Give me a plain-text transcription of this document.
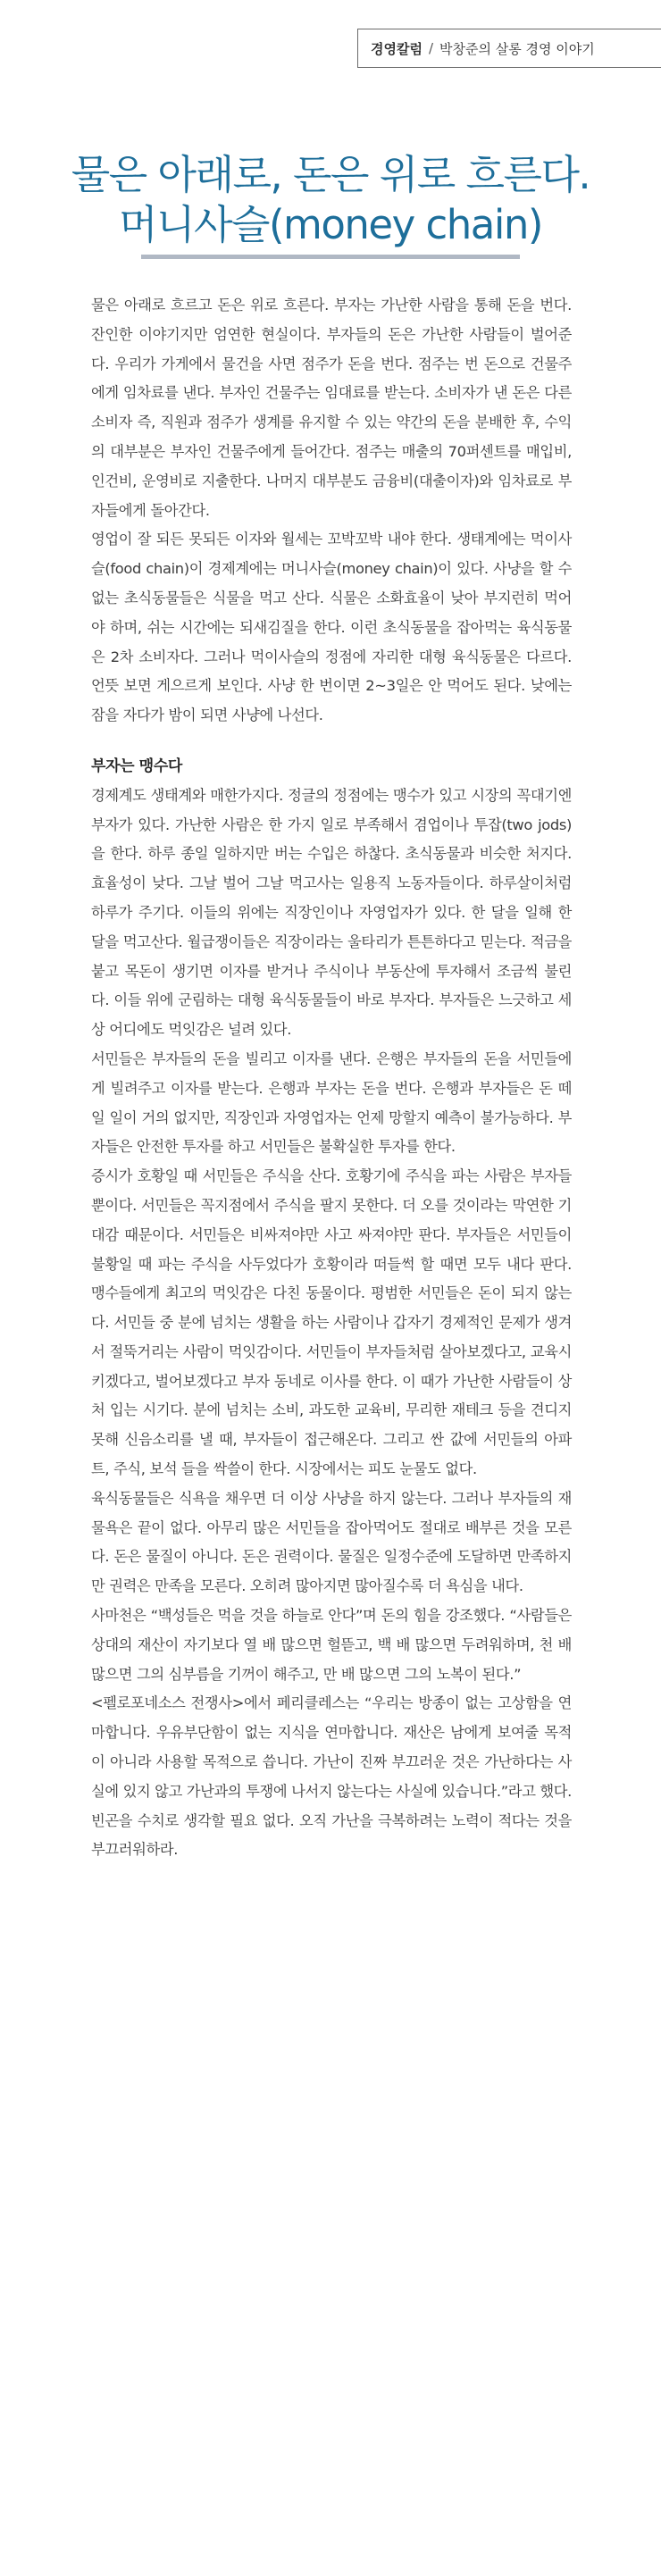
경영칼럼 / 박창준의 살롱 경영 이야기
물은 아래로, 돈은 위로 흐른다.
머니사슬(money chain)

물은 아래로 흐르고 돈은 위로 흐른다. 부자는 가난한 사람을 통해 돈을 번다. 잔인한 이야기지만 엄연한 현실이다. 부자들의 돈은 가난한 사람들이 벌어준다. 우리가 가게에서 물건을 사면 점주가 돈을 번다. 점주는 번 돈으로 건물주에게 임차료를 낸다. 부자인 건물주는 임대료를 받는다. 소비자가 낸 돈은 다른 소비자 즉, 직원과 점주가 생계를 유지할 수 있는 약간의 돈을 분배한 후, 수익의 대부분은 부자인 건물주에게 들어간다. 점주는 매출의 70퍼센트를 매입비, 인건비, 운영비로 지출한다. 나머지 대부분도 금융비(대출이자)와 임차료로 부자들에게 돌아간다.

영업이 잘 되든 못되든 이자와 월세는 꼬박꼬박 내야 한다. 생태계에는 먹이사슬(food chain)이 경제계에는 머니사슬(money chain)이 있다. 사냥을 할 수 없는 초식동물들은 식물을 먹고 산다. 식물은 소화효율이 낮아 부지런히 먹어야 하며, 쉬는 시간에는 되새김질을 한다. 이런 초식동물을 잡아먹는 육식동물은 2차 소비자다. 그러나 먹이사슬의 정점에 자리한 대형 육식동물은 다르다. 언뜻 보면 게으르게 보인다. 사냥 한 번이면 2~3일은 안 먹어도 된다. 낮에는 잠을 자다가 밤이 되면 사냥에 나선다.

부자는 맹수다

경제계도 생태계와 매한가지다. 정글의 정점에는 맹수가 있고 시장의 꼭대기엔 부자가 있다. 가난한 사람은 한 가지 일로 부족해서 겸업이나 투잡(two jods)을 한다. 하루 종일 일하지만 버는 수입은 하찮다. 초식동물과 비슷한 처지다. 효율성이 낮다. 그날 벌어 그날 먹고사는 일용직 노동자들이다. 하루살이처럼 하루가 주기다. 이들의 위에는 직장인이나 자영업자가 있다. 한 달을 일해 한 달을 먹고산다. 월급쟁이들은 직장이라는 울타리가 튼튼하다고 믿는다. 적금을 붙고 목돈이 생기면 이자를 받거나 주식이나 부동산에 투자해서 조금씩 불린다. 이들 위에 군림하는 대형 육식동물들이 바로 부자다. 부자들은 느긋하고 세상 어디에도 먹잇감은 널려 있다.

서민들은 부자들의 돈을 빌리고 이자를 낸다. 은행은 부자들의 돈을 서민들에게 빌려주고 이자를 받는다. 은행과 부자는 돈을 번다. 은행과 부자들은 돈 떼일 일이 거의 없지만, 직장인과 자영업자는 언제 망할지 예측이 불가능하다. 부자들은 안전한 투자를 하고 서민들은 불확실한 투자를 한다.

증시가 호황일 때 서민들은 주식을 산다. 호황기에 주식을 파는 사람은 부자들뿐이다. 서민들은 꼭지점에서 주식을 팔지 못한다. 더 오를 것이라는 막연한 기대감 때문이다. 서민들은 비싸져야만 사고 싸져야만 판다. 부자들은 서민들이 불황일 때 파는 주식을 사두었다가 호황이라 떠들썩 할 때면 모두 내다 판다. 맹수들에게 최고의 먹잇감은 다친 동물이다. 평범한 서민들은 돈이 되지 않는다. 서민들 중 분에 넘치는 생활을 하는 사람이나 갑자기 경제적인 문제가 생겨서 절뚝거리는 사람이 먹잇감이다. 서민들이 부자들처럼 살아보겠다고, 교육시키겠다고, 벌어보겠다고 부자 동네로 이사를 한다. 이 때가 가난한 사람들이 상처 입는 시기다. 분에 넘치는 소비, 과도한 교육비, 무리한 재테크 등을 견디지 못해 신음소리를 낼 때, 부자들이 접근해온다. 그리고 싼 값에 서민들의 아파트, 주식, 보석 들을 싹쓸이 한다. 시장에서는 피도 눈물도 없다.

육식동물들은 식욕을 채우면 더 이상 사냥을 하지 않는다. 그러나 부자들의 재물욕은 끝이 없다. 아무리 많은 서민들을 잡아먹어도 절대로 배부른 것을 모른다. 돈은 물질이 아니다. 돈은 권력이다. 물질은 일정수준에 도달하면 만족하지만 권력은 만족을 모른다. 오히려 많아지면 많아질수록 더 욕심을 내다.

사마천은 “백성들은 먹을 것을 하늘로 안다”며 돈의 힘을 강조했다. “사람들은 상대의 재산이 자기보다 열 배 많으면 헐뜯고, 백 배 많으면 두려워하며, 천 배 많으면 그의 심부름을 기꺼이 해주고, 만 배 많으면 그의 노복이 된다.”

<펠로포네소스 전쟁사>에서 페리클레스는 “우리는 방종이 없는 고상함을 연마합니다. 우유부단함이 없는 지식을 연마합니다. 재산은 남에게 보여줄 목적이 아니라 사용할 목적으로 씁니다. 가난이 진짜 부끄러운 것은 가난하다는 사실에 있지 않고 가난과의 투쟁에 나서지 않는다는 사실에 있습니다.”라고 했다. 빈곤을 수치로 생각할 필요 없다. 오직 가난을 극복하려는 노력이 적다는 것을 부끄러워하라.
